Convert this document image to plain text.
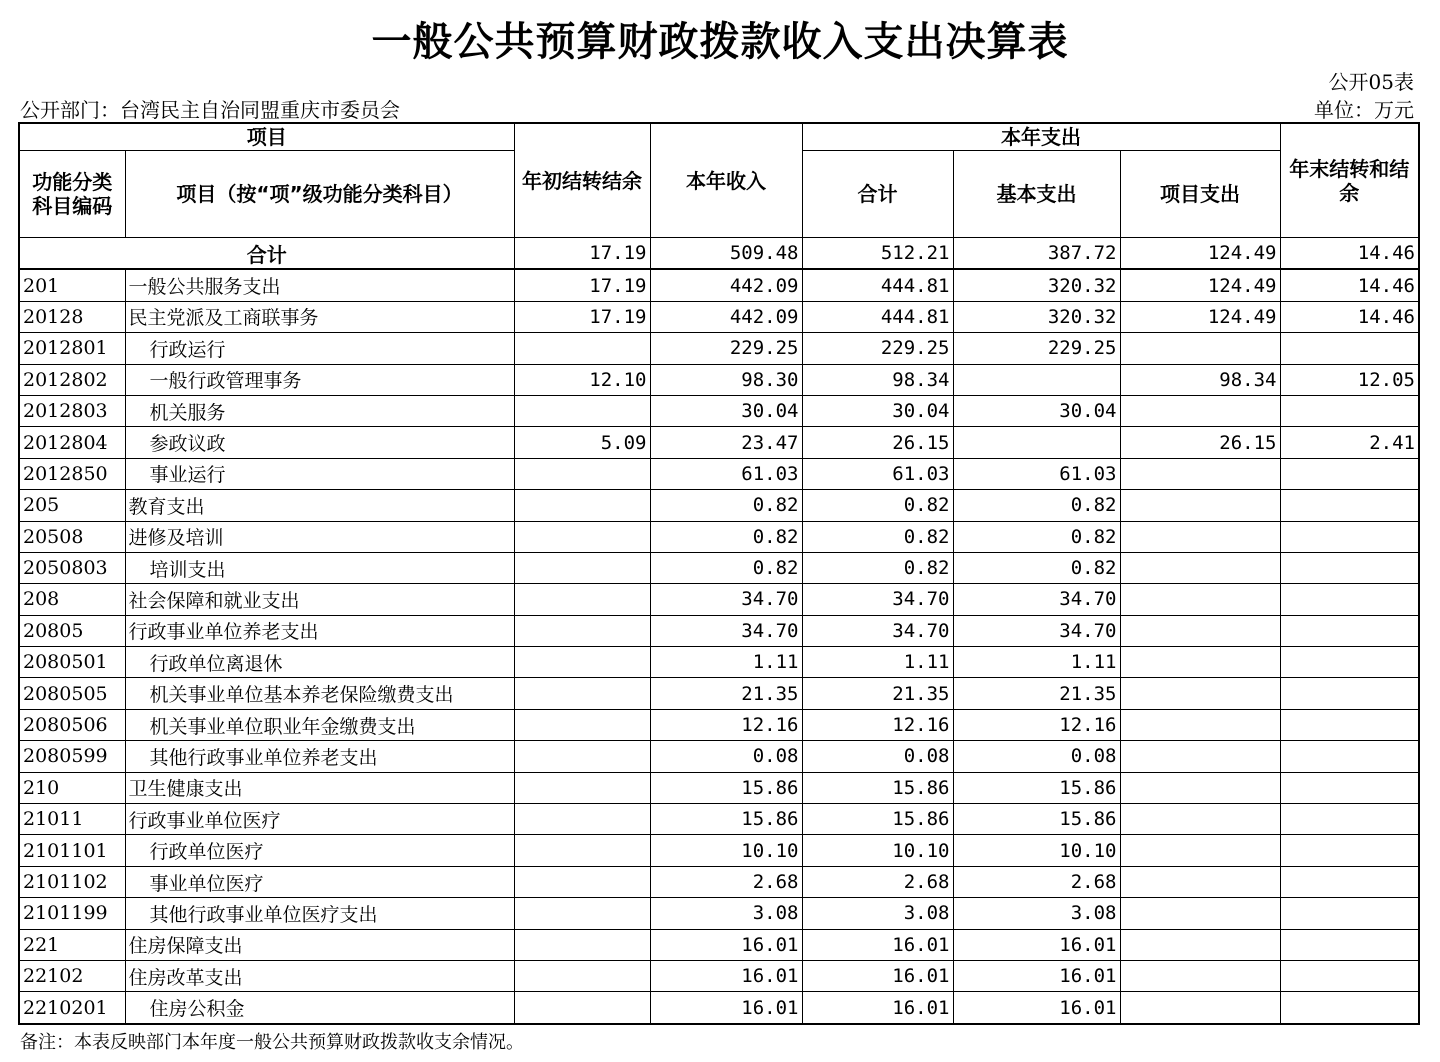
一般公共预算财政拨款收入支出决算表
公开05表
公开部门：台湾民主自治同盟重庆市委员会	单位：万元
项目		年初结转结余	本年收入	本年支出			年末结转和结余
功能分类科目编码	项目（按“项”级功能分类科目）			合计	基本支出	项目支出	
合计		17.19	509.48	512.21	387.72	124.49	14.46
201	一般公共服务支出	17.19	442.09	444.81	320.32	124.49	14.46
20128	民主党派及工商联事务	17.19	442.09	444.81	320.32	124.49	14.46
2012801	行政运行		229.25	229.25	229.25		
2012802	一般行政管理事务	12.10	98.30	98.34		98.34	12.05
2012803	机关服务		30.04	30.04	30.04		
2012804	参政议政	5.09	23.47	26.15		26.15	2.41
2012850	事业运行		61.03	61.03	61.03		
205	教育支出		0.82	0.82	0.82		
20508	进修及培训		0.82	0.82	0.82		
2050803	培训支出		0.82	0.82	0.82		
208	社会保障和就业支出		34.70	34.70	34.70		
20805	行政事业单位养老支出		34.70	34.70	34.70		
2080501	行政单位离退休		1.11	1.11	1.11		
2080505	机关事业单位基本养老保险缴费支出		21.35	21.35	21.35		
2080506	机关事业单位职业年金缴费支出		12.16	12.16	12.16		
2080599	其他行政事业单位养老支出		0.08	0.08	0.08		
210	卫生健康支出		15.86	15.86	15.86		
21011	行政事业单位医疗		15.86	15.86	15.86		
2101101	行政单位医疗		10.10	10.10	10.10		
2101102	事业单位医疗		2.68	2.68	2.68		
2101199	其他行政事业单位医疗支出		3.08	3.08	3.08		
221	住房保障支出		16.01	16.01	16.01		
22102	住房改革支出		16.01	16.01	16.01		
2210201	住房公积金		16.01	16.01	16.01		
备注：本表反映部门本年度一般公共预算财政拨款收支余情况。
